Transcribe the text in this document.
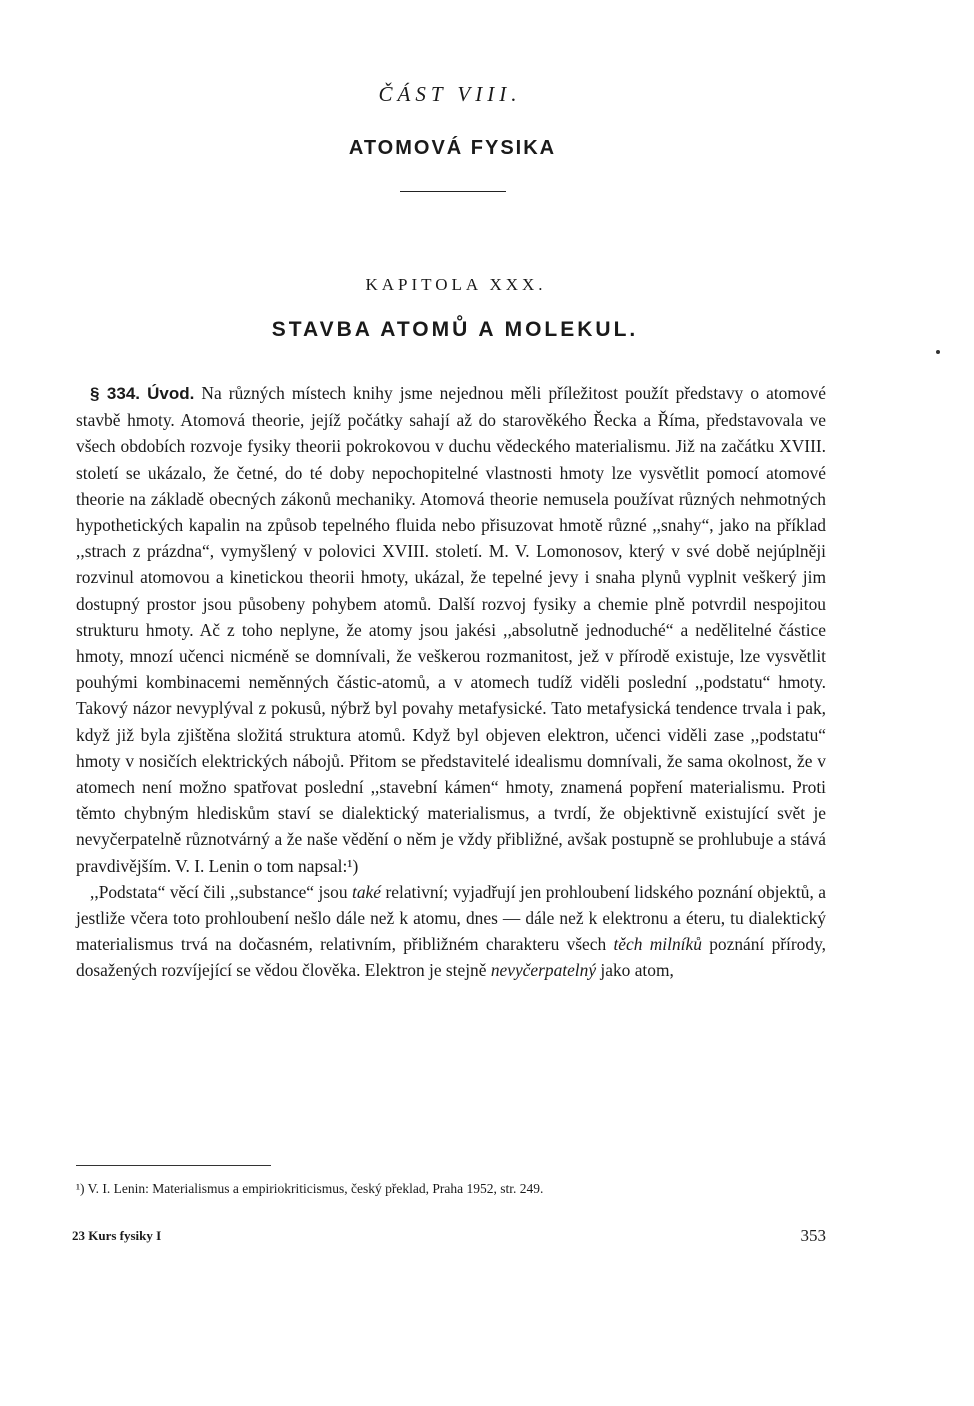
ČÁST VIII.
ATOMOVÁ FYSIKA
KAPITOLA XXX.
STAVBA ATOMŮ A MOLEKUL.

§ 334. Úvod. Na různých místech knihy jsme nejednou měli příležitost použít představy o atomové stavbě hmoty. Atomová theorie, jejíž počátky sahají až do starověkého Řecka a Říma, představovala ve všech obdobích rozvoje fysiky theorii pokrokovou v duchu vědeckého materialismu. Již na začátku XVIII. století se ukázalo, že četné, do té doby nepochopitelné vlastnosti hmoty lze vysvětlit pomocí atomové theorie na základě obecných zákonů mechaniky. Atomová theorie nemusela používat různých nehmotných hypothetických kapalin na způsob tepelného fluida nebo přisuzovat hmotě různé ,,snahy“, jako na příklad ,,strach z prázdna“, vymyšlený v polovici XVIII. století. M. V. Lomonosov, který v své době nejúplněji rozvinul atomovou a kinetickou theorii hmoty, ukázal, že tepelné jevy i snaha plynů vyplnit veškerý jim dostupný prostor jsou působeny pohybem atomů. Další rozvoj fysiky a chemie plně potvrdil nespojitou strukturu hmoty. Ač z toho neplyne, že atomy jsou jakési ,,absolutně jednoduché“ a nedělitelné částice hmoty, mnozí učenci nicméně se domnívali, že veškerou rozmanitost, jež v přírodě existuje, lze vysvětlit pouhými kombinacemi neměnných částic-atomů, a v atomech tudíž viděli poslední ,,podstatu“ hmoty. Takový názor nevyplýval z pokusů, nýbrž byl povahy metafysické. Tato metafysická tendence trvala i pak, když již byla zjištěna složitá struktura atomů. Když byl objeven elektron, učenci viděli zase ,,podstatu“ hmoty v nosičích elektrických nábojů. Přitom se představitelé idealismu domnívali, že sama okolnost, že v atomech není možno spatřovat poslední ,,stavební kámen“ hmoty, znamená popření materialismu. Proti těmto chybným hlediskům staví se dialektický materialismus, a tvrdí, že objektivně existující svět je nevyčerpatelně různotvárný a že naše vědění o něm je vždy přibližné, avšak postupně se prohlubuje a stává pravdivějším. V. I. Lenin o tom napsal:¹)

,,Podstata“ věcí čili ,,substance“ jsou také relativní; vyjadřují jen prohloubení lidského poznání objektů, a jestliže včera toto prohloubení nešlo dále než k atomu, dnes — dále než k elektronu a éteru, tu dialektický materialismus trvá na dočasném, relativním, přibližném charakteru všech těch milníků poznání přírody, dosažených rozvíjející se vědou člověka. Elektron je stejně nevyčerpatelný jako atom,

¹) V. I. Lenin: Materialismus a empiriokriticismus, český překlad, Praha 1952, str. 249.
23 Kurs fysiky I	353
